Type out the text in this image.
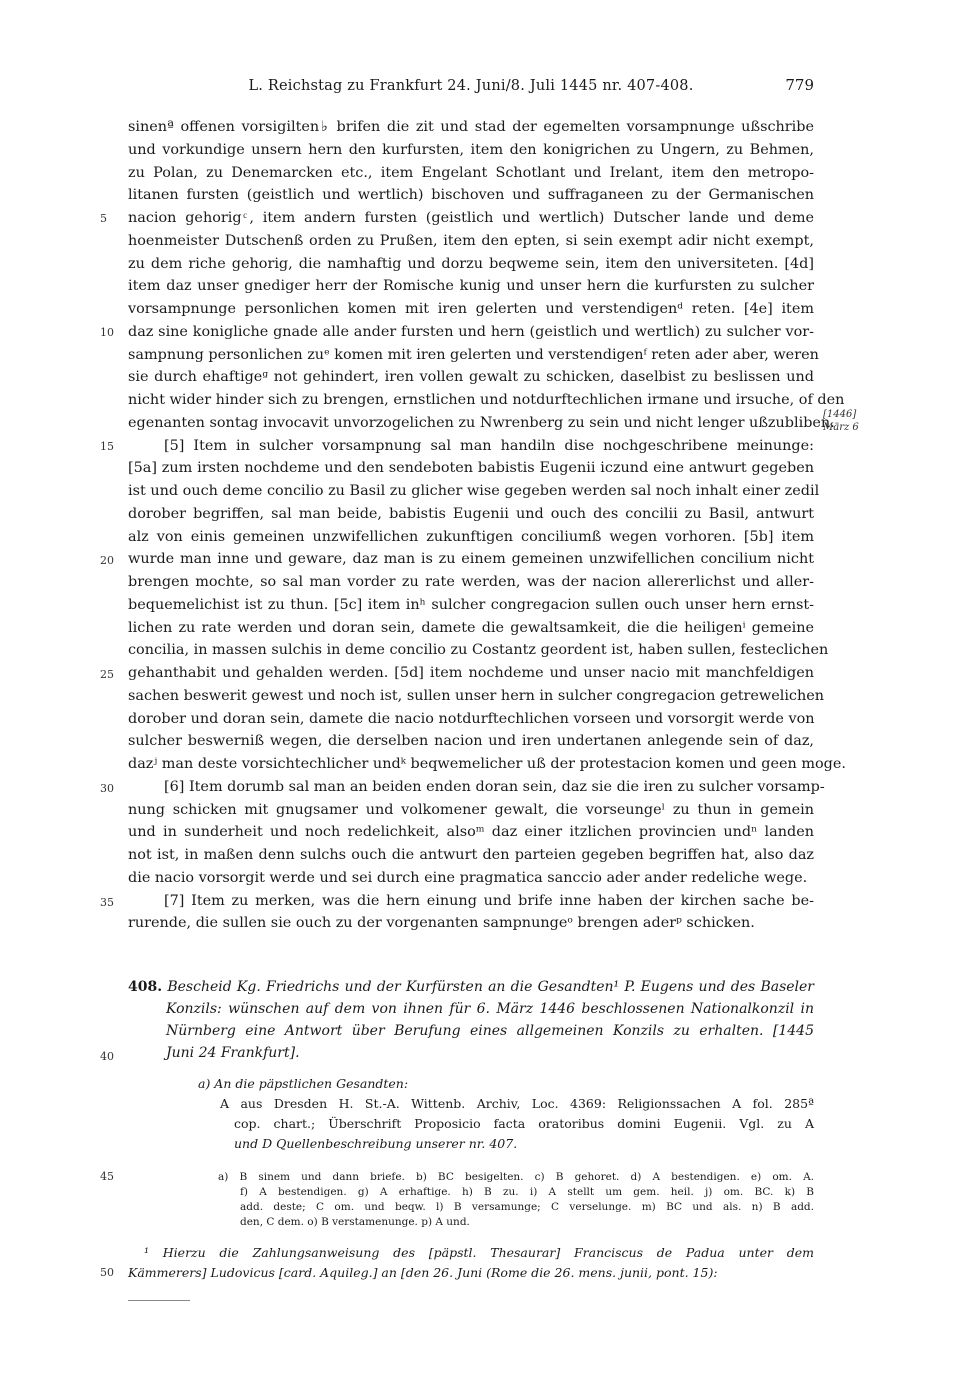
L. Reichstag zu Frankfurt 24. Juni/8. Juli 1445 nr. 407-408.	779
sinenª offenen vorsigilten♭ brifen die zit und stad der egemelten vorsampnunge ußschribe
und vorkundige unsern hern den kurfursten, item den konigrichen zu Ungern, zu Behmen,
zu Polan, zu Denemarcken etc., item Engelant Schotlant und Irelant, item den metropo-
litanen fursten (geistlich und wertlich) bischoven und suffraganeen zu der Germanischen
nacion gehorig ͨ, item andern fursten (geistlich und wertlich) Dutscher lande und deme
hoenmeister Dutschenß orden zu Prußen, item den epten, si sein exempt adir nicht exempt,
zu dem riche gehorig, die namhaftig und dorzu beqweme sein, item den universiteten. [4d]
item daz unser gnediger herr der Romische kunig und unser hern die kurfursten zu sulcher
vorsampnunge personlichen komen mit iren gelerten und verstendigenᵈ reten. [4e] item
daz sine konigliche gnade alle ander fursten und hern (geistlich und wertlich) zu sulcher vor-
sampnung personlichen zuᵉ komen mit iren gelerten und verstendigenᶠ reten ader aber, weren
sie durch ehaftigeᵍ not gehindert, iren vollen gewalt zu schicken, daselbist zu beslissen und
nicht wider hinder sich zu brengen, ernstlichen und notdurftechlichen irmane und irsuche, of den
egenanten sontag invocavit unvorzogelichen zu Nwrenberg zu sein und nicht lenger ußzubliben.
[5] Item in sulcher vorsampnung sal man handiln dise nochgeschribene meinunge:
[5a] zum irsten nochdeme und den sendeboten babistis Eugenii iczund eine antwurt gegeben
ist und ouch deme concilio zu Basil zu glicher wise gegeben werden sal noch inhalt einer zedil
dorober begriffen, sal man beide, babistis Eugenii und ouch des concilii zu Basil, antwurt
alz von einis gemeinen unzwifellichen zukunftigen conciliumß wegen vorhoren. [5b] item
wurde man inne und geware, daz man is zu einem gemeinen unzwifellichen concilium nicht
brengen mochte, so sal man vorder zu rate werden, was der nacion allererlichst und aller-
bequemelichist ist zu thun. [5c] item inʰ sulcher congregacion sullen ouch unser hern ernst-
lichen zu rate werden und doran sein, damete die gewaltsamkeit, die die heiligenⁱ gemeine
concilia, in massen sulchis in deme concilio zu Costantz geordent ist, haben sullen, festeclichen
gehanthabit und gehalden werden. [5d] item nochdeme und unser nacio mit manchfeldigen
sachen beswerit gewest und noch ist, sullen unser hern in sulcher congregacion getrewelichen
dorober und doran sein, damete die nacio notdurftechlichen vorseen und vorsorgit werde von
sulcher beswerniß wegen, die derselben nacion und iren undertanen anlegende sein of daz,
dazʲ man deste vorsichtechlicher undᵏ beqwemelicher uß der protestacion komen und geen moge.
[6] Item dorumb sal man an beiden enden doran sein, daz sie die iren zu sulcher vorsamp-
nung schicken mit gnugsamer und volkomener gewalt, die vorseungeˡ zu thun in gemein
und in sunderheit und noch redelichkeit, alsoᵐ daz einer itzlichen provincien undⁿ landen
not ist, in maßen denn sulchs ouch die antwurt den parteien gegeben begriffen hat, also daz
die nacio vorsorgit werde und sei durch eine pragmatica sanccio ader ander redeliche wege.
[7] Item zu merken, was die hern einung und brife inne haben der kirchen sache be-
rurende, die sullen sie ouch zu der vorgenanten sampnungeᵒ brengen aderᵖ schicken.
5
10
15
20
25
30
35
40
45
50
[1446]
März 6
408. Bescheid Kg. Friedrichs und der Kurfürsten an die Gesandten¹ P. Eugens und des Baseler
Konzils: wünschen auf dem von ihnen für 6. März 1446 beschlossenen Nationalkonzil in
Nürnberg eine Antwort über Berufung eines allgemeinen Konzils zu erhalten. [1445
Juni 24 Frankfurt].
a) An die päpstlichen Gesandten:
A aus Dresden H. St.-A. Wittenb. Archiv, Loc. 4369: Religionssachen A fol. 285ª
cop. chart.; Überschrift Proposicio facta oratoribus domini Eugenii. Vgl. zu A
und D Quellenbeschreibung unserer nr. 407.
a) B sinem und dann briefe. b) BC besigelten. c) B gehoret. d) A bestendigen. e) om. A.
f) A bestendigen. g) A erhaftige. h) B zu. i) A stellt um gem. heil. j) om. BC. k) B
add. deste; C om. und beqw. l) B versamunge; C verselunge. m) BC und als. n) B add.
den, C dem. o) B verstamenunge. p) A und.
¹ Hierzu die Zahlungsanweisung des [päpstl. Thesaurar] Franciscus de Padua unter dem
Kämmerers] Ludovicus [card. Aquileg.] an [den 26. Juni (Rome die 26. mens. junii, pont. 15):
